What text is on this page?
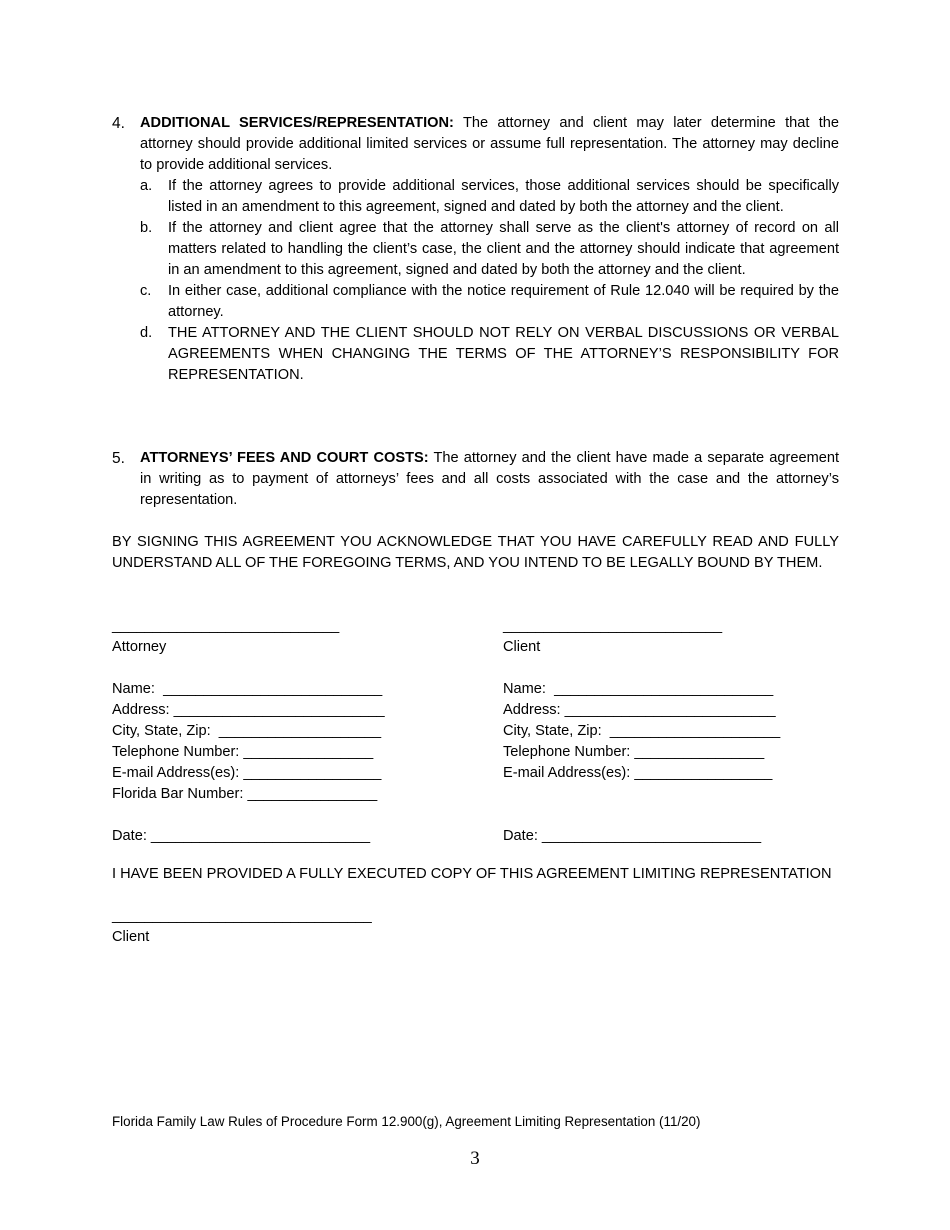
4. ADDITIONAL SERVICES/REPRESENTATION: The attorney and client may later determine that the attorney should provide additional limited services or assume full representation. The attorney may decline to provide additional services.
a. If the attorney agrees to provide additional services, those additional services should be specifically listed in an amendment to this agreement, signed and dated by both the attorney and the client.
b. If the attorney and client agree that the attorney shall serve as the client's attorney of record on all matters related to handling the client’s case, the client and the attorney should indicate that agreement in an amendment to this agreement, signed and dated by both the attorney and the client.
c. In either case, additional compliance with the notice requirement of Rule 12.040 will be required by the attorney.
d. THE ATTORNEY AND THE CLIENT SHOULD NOT RELY ON VERBAL DISCUSSIONS OR VERBAL AGREEMENTS WHEN CHANGING THE TERMS OF THE ATTORNEY’S RESPONSIBILITY FOR REPRESENTATION.
5. ATTORNEYS’ FEES AND COURT COSTS: The attorney and the client have made a separate agreement in writing as to payment of attorneys’ fees and all costs associated with the case and the attorney’s representation.
BY SIGNING THIS AGREEMENT YOU ACKNOWLEDGE THAT YOU HAVE CAREFULLY READ AND FULLY UNDERSTAND ALL OF THE FOREGOING TERMS, AND YOU INTEND TO BE LEGALLY BOUND BY THEM.
____________________________
Attorney
Name:  ___________________________
Address: __________________________
City, State, Zip:  ____________________
Telephone Number: ________________
E-mail Address(es): _________________
Florida Bar Number: ________________
Date: ___________________________
___________________________
Client
Name:  ___________________________
Address: __________________________
City, State, Zip:  _____________________
Telephone Number: ________________
E-mail Address(es): _________________
Date: ___________________________
I HAVE BEEN PROVIDED A FULLY EXECUTED COPY OF THIS AGREEMENT LIMITING REPRESENTATION
________________________________
Client
Florida Family Law Rules of Procedure Form 12.900(g), Agreement Limiting Representation (11/20)
3
